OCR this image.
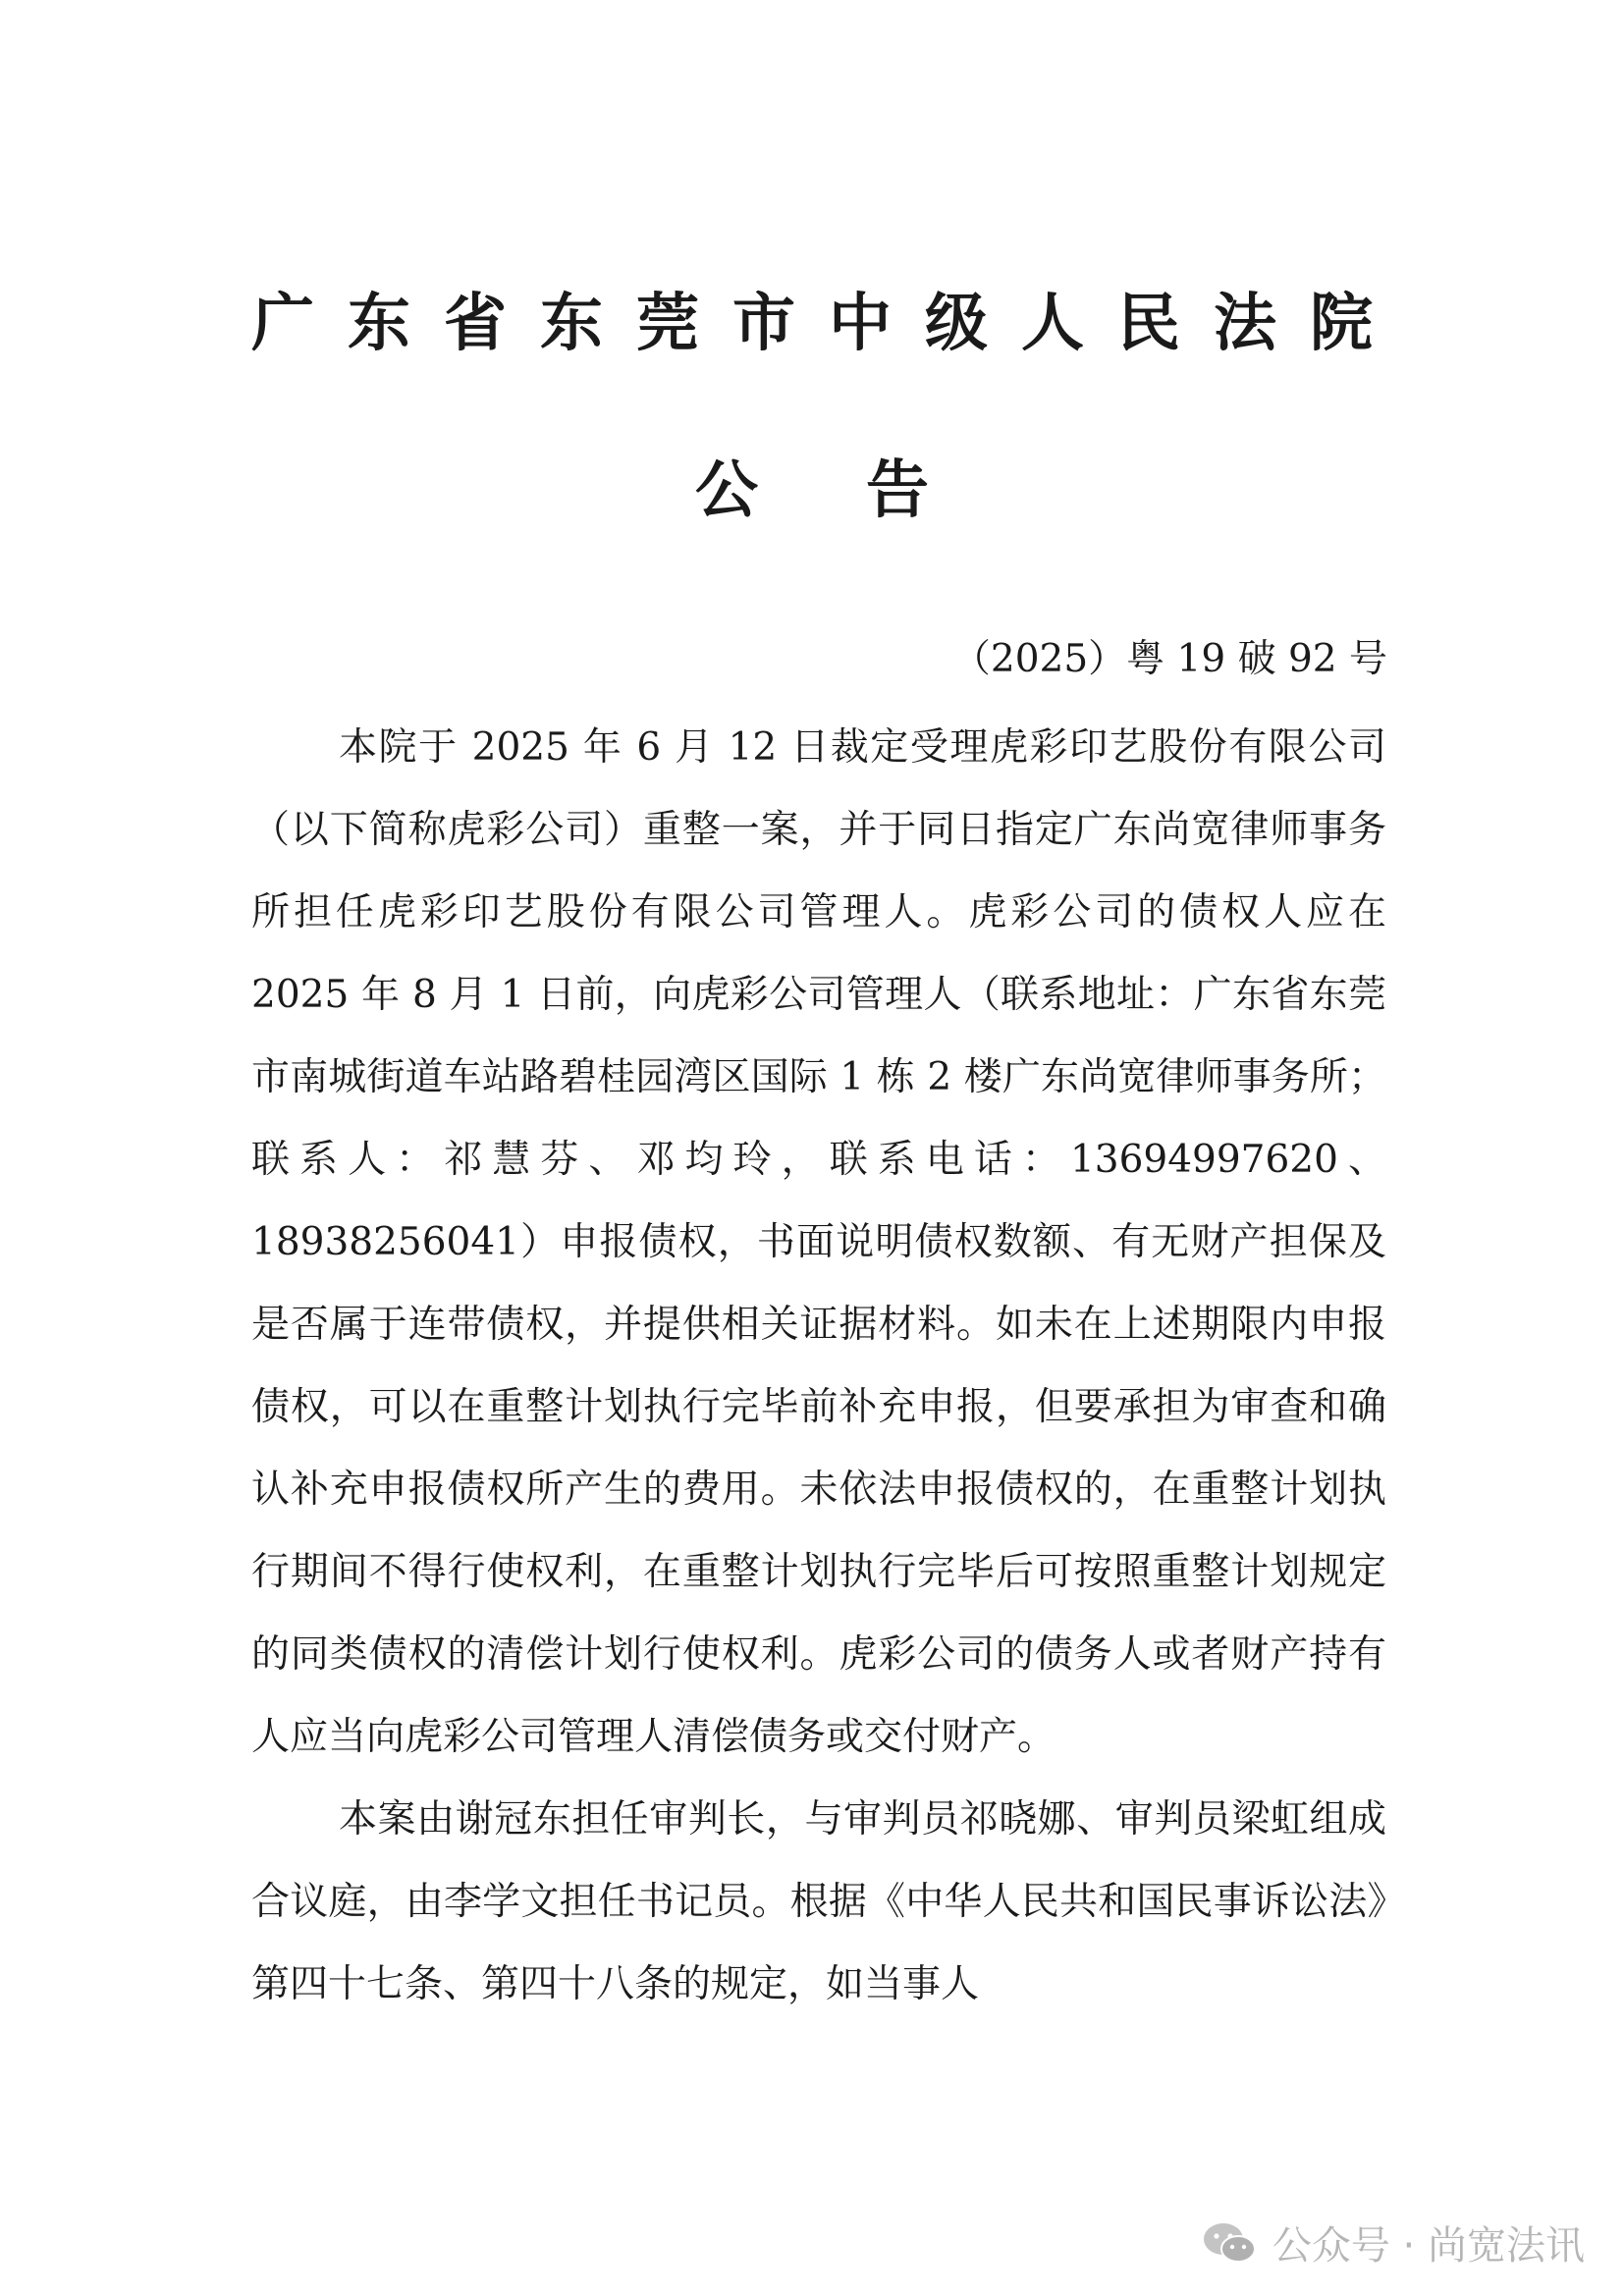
广东省东莞市中级人民法院
公告
（2025）粤 19 破 92 号

本院于 2025 年 6 月 12 日裁定受理虎彩印艺股份有限公司（以下简称虎彩公司）重整一案，并于同日指定广东尚宽律师事务所担任虎彩印艺股份有限公司管理人。虎彩公司的债权人应在 2025 年 8 月 1 日前，向虎彩公司管理人（联系地址：广东省东莞市南城街道车站路碧桂园湾区国际 1 栋 2 楼广东尚宽律师事务所；联系人：祁慧芬、邓均玲，联系电话：13694997620、18938256041）申报债权，书面说明债权数额、有无财产担保及是否属于连带债权，并提供相关证据材料。如未在上述期限内申报债权，可以在重整计划执行完毕前补充申报，但要承担为审查和确认补充申报债权所产生的费用。未依法申报债权的，在重整计划执行期间不得行使权利，在重整计划执行完毕后可按照重整计划规定的同类债权的清偿计划行使权利。虎彩公司的债务人或者财产持有人应当向虎彩公司管理人清偿债务或交付财产。

本案由谢冠东担任审判长，与审判员祁晓娜、审判员梁虹组成合议庭，由李学文担任书记员。根据《中华人民共和国民事诉讼法》第四十七条、第四十八条的规定，如当事人

公众号 · 尚宽法讯
